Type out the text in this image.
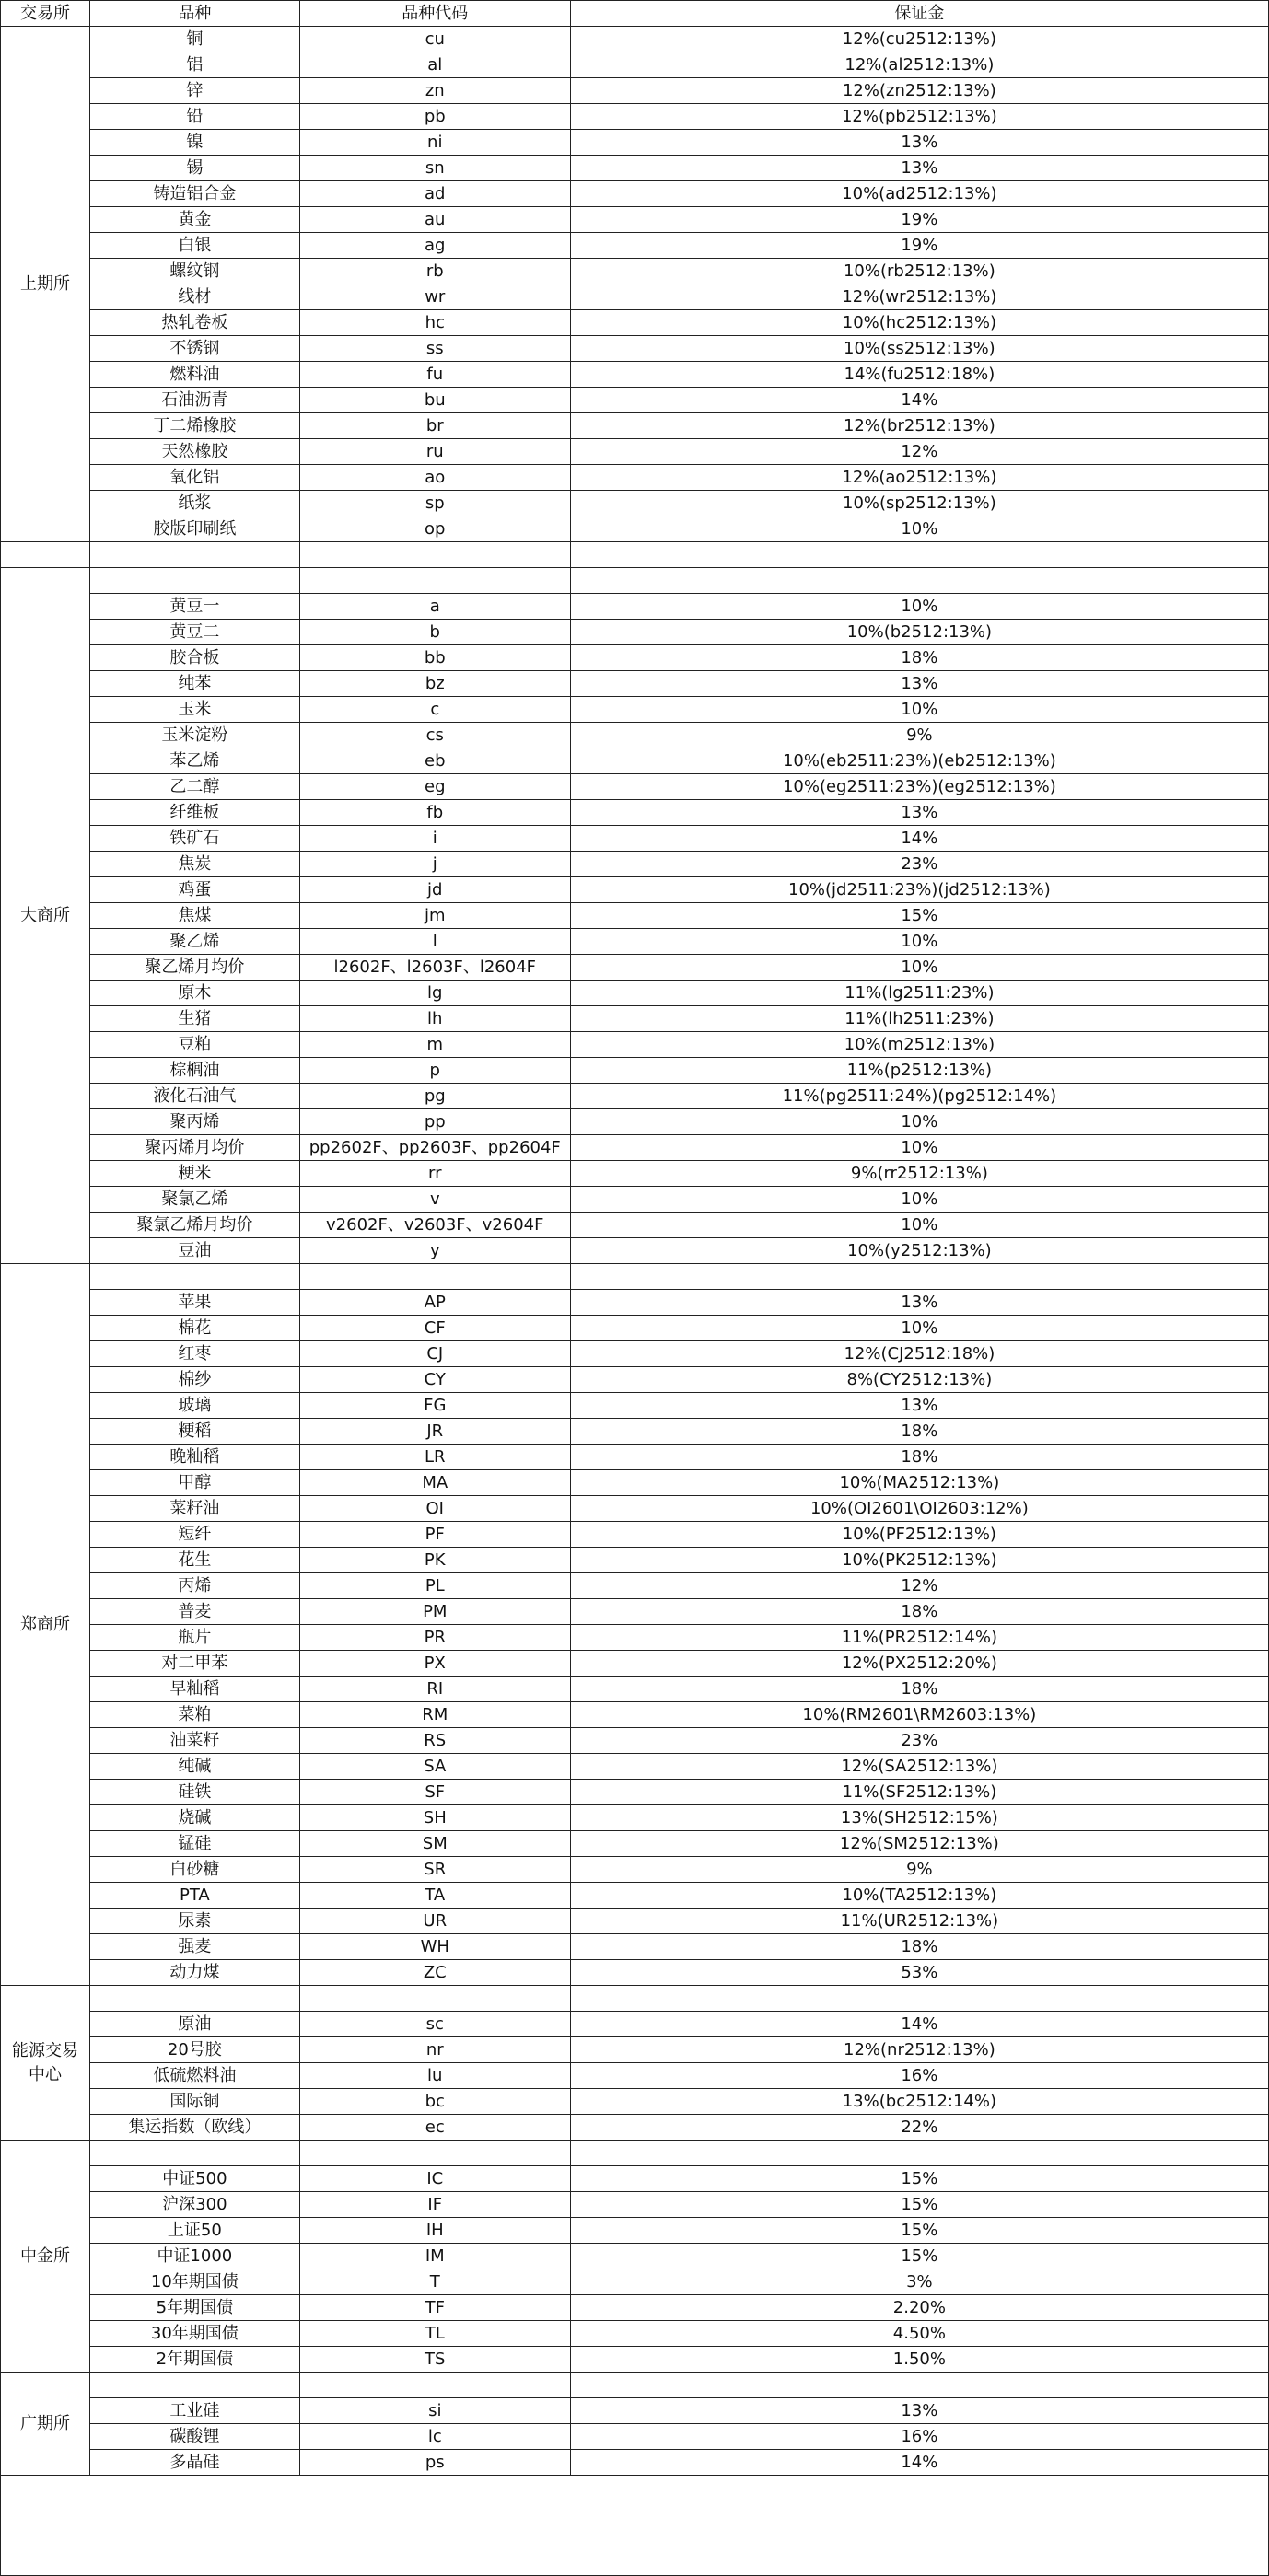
交易所	品种	品种代码	保证金
上期所	铜	cu	12%(cu2512:13%)
	铝	al	12%(al2512:13%)
	锌	zn	12%(zn2512:13%)
	铅	pb	12%(pb2512:13%)
	镍	ni	13%
	锡	sn	13%
	铸造铝合金	ad	10%(ad2512:13%)
	黄金	au	19%
	白银	ag	19%
	螺纹钢	rb	10%(rb2512:13%)
	线材	wr	12%(wr2512:13%)
	热轧卷板	hc	10%(hc2512:13%)
	不锈钢	ss	10%(ss2512:13%)
	燃料油	fu	14%(fu2512:18%)
	石油沥青	bu	14%
	丁二烯橡胶	br	12%(br2512:13%)
	天然橡胶	ru	12%
	氧化铝	ao	12%(ao2512:13%)
	纸浆	sp	10%(sp2512:13%)
	胶版印刷纸	op	10%

大商所			
	黄豆一	a	10%
	黄豆二	b	10%(b2512:13%)
	胶合板	bb	18%
	纯苯	bz	13%
	玉米	c	10%
	玉米淀粉	cs	9%
	苯乙烯	eb	10%(eb2511:23%)(eb2512:13%)
	乙二醇	eg	10%(eg2511:23%)(eg2512:13%)
	纤维板	fb	13%
	铁矿石	i	14%
	焦炭	j	23%
	鸡蛋	jd	10%(jd2511:23%)(jd2512:13%)
	焦煤	jm	15%
	聚乙烯	l	10%
	聚乙烯月均价	l2602F、l2603F、l2604F	10%
	原木	lg	11%(lg2511:23%)
	生猪	lh	11%(lh2511:23%)
	豆粕	m	10%(m2512:13%)
	棕榈油	p	11%(p2512:13%)
	液化石油气	pg	11%(pg2511:24%)(pg2512:14%)
	聚丙烯	pp	10%
	聚丙烯月均价	pp2602F、pp2603F、pp2604F	10%
	粳米	rr	9%(rr2512:13%)
	聚氯乙烯	v	10%
	聚氯乙烯月均价	v2602F、v2603F、v2604F	10%
	豆油	y	10%(y2512:13%)
郑商所			
	苹果	AP	13%
	棉花	CF	10%
	红枣	CJ	12%(CJ2512:18%)
	棉纱	CY	8%(CY2512:13%)
	玻璃	FG	13%
	粳稻	JR	18%
	晚籼稻	LR	18%
	甲醇	MA	10%(MA2512:13%)
	菜籽油	OI	10%(OI2601\OI2603:12%)
	短纤	PF	10%(PF2512:13%)
	花生	PK	10%(PK2512:13%)
	丙烯	PL	12%
	普麦	PM	18%
	瓶片	PR	11%(PR2512:14%)
	对二甲苯	PX	12%(PX2512:20%)
	早籼稻	RI	18%
	菜粕	RM	10%(RM2601\RM2603:13%)
	油菜籽	RS	23%
	纯碱	SA	12%(SA2512:13%)
	硅铁	SF	11%(SF2512:13%)
	烧碱	SH	13%(SH2512:15%)
	锰硅	SM	12%(SM2512:13%)
	白砂糖	SR	9%
	PTA	TA	10%(TA2512:13%)
	尿素	UR	11%(UR2512:13%)
	强麦	WH	18%
	动力煤	ZC	53%
能源交易中心			
	原油	sc	14%
	20号胶	nr	12%(nr2512:13%)
	低硫燃料油	lu	16%
	国际铜	bc	13%(bc2512:14%)
	集运指数（欧线）	ec	22%
中金所			
	中证500	IC	15%
	沪深300	IF	15%
	上证50	IH	15%
	中证1000	IM	15%
	10年期国债	T	3%
	5年期国债	TF	2.20%
	30年期国债	TL	4.50%
	2年期国债	TS	1.50%
广期所			
	工业硅	si	13%
	碳酸锂	lc	16%
	多晶硅	ps	14%
